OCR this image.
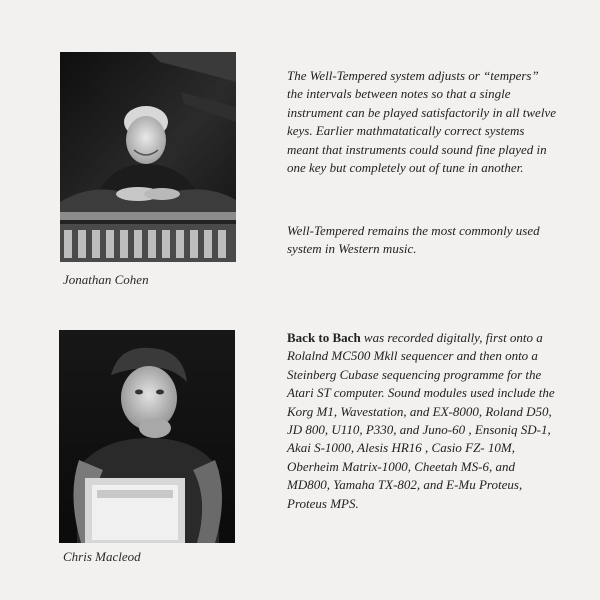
Jonathan Cohen
Chris Macleod

The Well-Tempered system adjusts or “tempers” the intervals between notes so that a single instrument can be played satisfactorily in all twelve keys. Earlier mathmatatically correct systems meant that instruments could sound fine played in one key but completely out of tune in another.

Well-Tempered remains the most commonly used system in Western music.

Back to Bach was recorded digitally, first onto a Rolalnd MC500 Mkll sequencer and then onto a Steinberg Cubase sequencing programme for the Atari ST computer. Sound modules used include the Korg M1, Wavestation, and EX-8000, Roland D50, JD 800, U110, P330, and Juno-60 , Ensoniq SD-1, Akai S-1000, Alesis HR16 , Casio FZ- 10M, Oberheim Matrix-1000, Cheetah MS-6, and MD800, Yamaha TX-802, and E-Mu Proteus, Proteus MPS.
